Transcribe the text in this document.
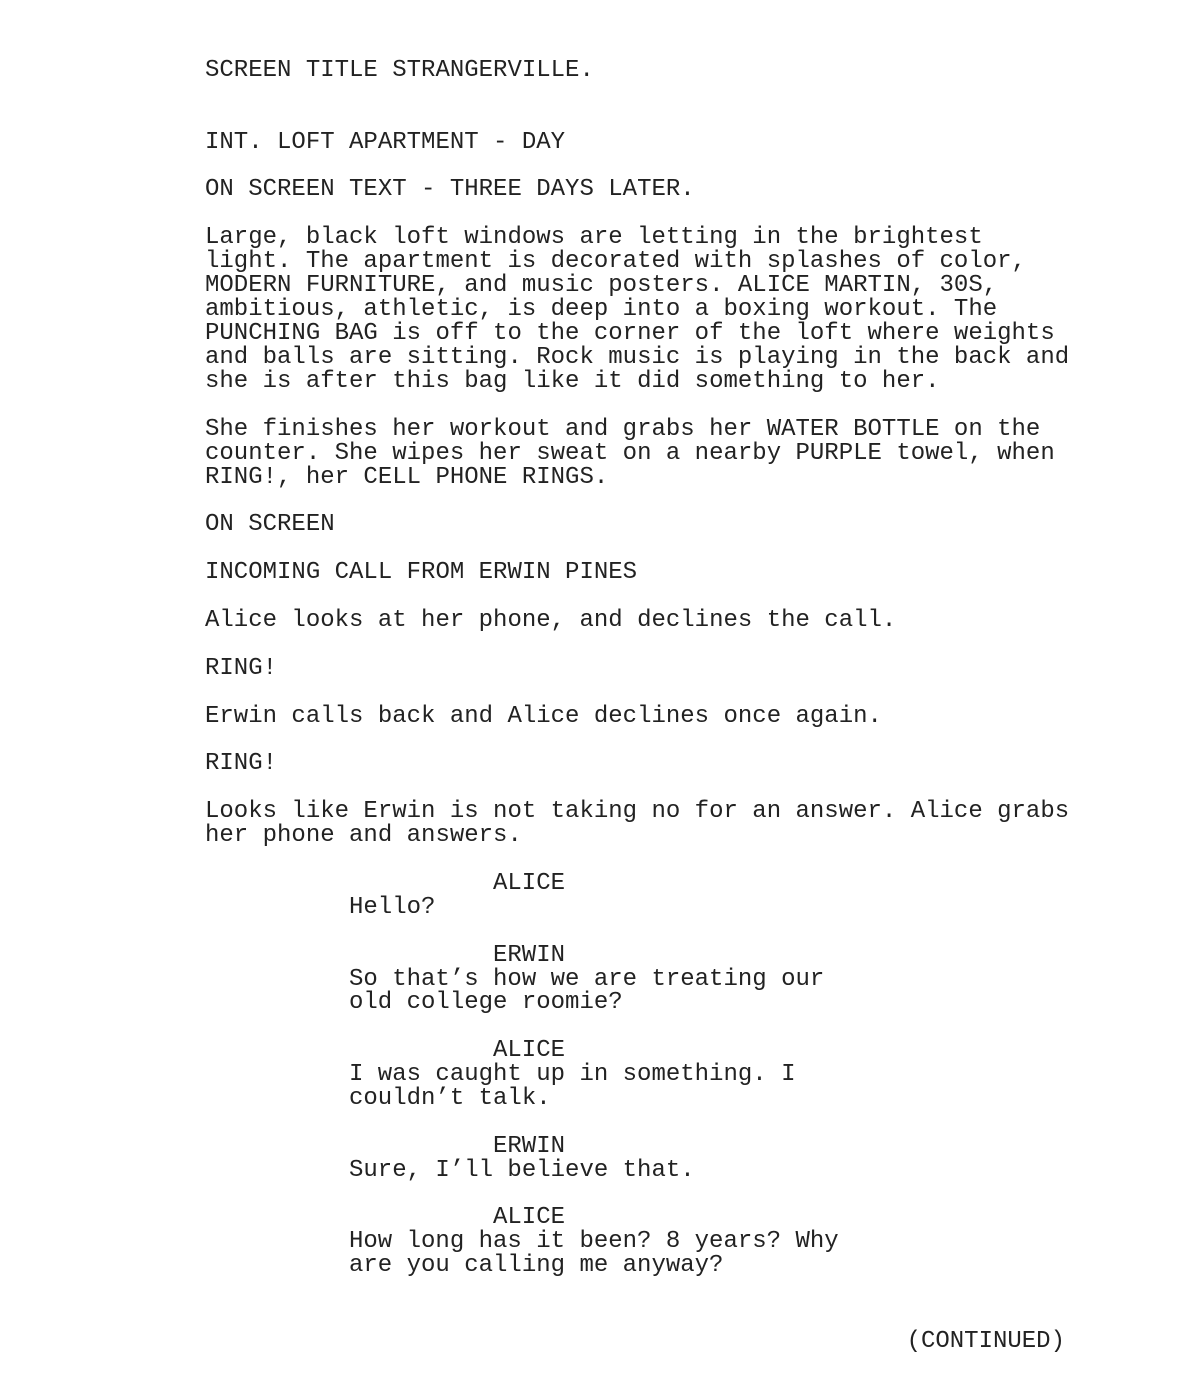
SCREEN TITLE STRANGERVILLE.
INT. LOFT APARTMENT - DAY
ON SCREEN TEXT - THREE DAYS LATER.
Large, black loft windows are letting in the brightest
light. The apartment is decorated with splashes of color,
MODERN FURNITURE, and music posters. ALICE MARTIN, 30S,
ambitious, athletic, is deep into a boxing workout. The
PUNCHING BAG is off to the corner of the loft where weights
and balls are sitting. Rock music is playing in the back and
she is after this bag like it did something to her.
She finishes her workout and grabs her WATER BOTTLE on the
counter. She wipes her sweat on a nearby PURPLE towel, when
RING!, her CELL PHONE RINGS.
ON SCREEN
INCOMING CALL FROM ERWIN PINES
Alice looks at her phone, and declines the call.
RING!
Erwin calls back and Alice declines once again.
RING!
Looks like Erwin is not taking no for an answer. Alice grabs
her phone and answers.
ALICE
Hello?
ERWIN
So that’s how we are treating our
old college roomie?
ALICE
I was caught up in something. I
couldn’t talk.
ERWIN
Sure, I’ll believe that.
ALICE
How long has it been? 8 years? Why
are you calling me anyway?
(CONTINUED)
